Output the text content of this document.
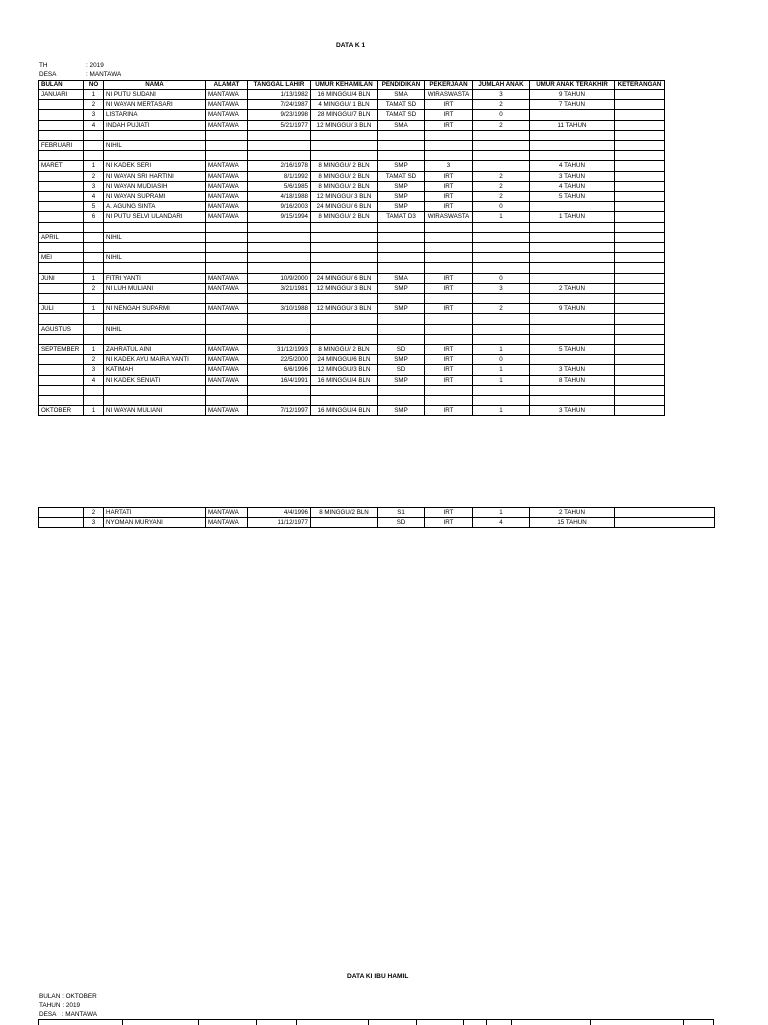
DATA K 1
TH	: 2019
DESA	: MANTAWA
BULAN	NO	NAMA	ALAMAT	TANGGAL LAHIR	UMUR KEHAMILAN	PENDIDIKAN	PEKERJAAN	JUMLAH ANAK	UMUR ANAK TERAKHIR	KETERANGAN
JANUARI	1	NI PUTU SUDANI	MANTAWA	1/13/1982	16 MINGGU/4 BLN	SMA	WIRASWASTA	3	9 TAHUN	
	2	NI WAYAN MERTASARI	MANTAWA	7/24/1987	4 MINGGU/ 1 BLN	TAMAT SD	IRT	2	7 TAHUN	
	3	LISTARINA	MANTAWA	9/23/1998	28 MINGGU/7 BLN	TAMAT SD	IRT	0		
	4	INDAH PUJIATI	MANTAWA	5/21/1977	12 MINGGU/ 3 BLN	SMA	IRT	2	11 TAHUN	

FEBRUARI		NIHIL								

MARET	1	NI KADEK SERI	MANTAWA	2/16/1978	8 MINGGU/ 2 BLN	SMP	3		4 TAHUN	
	2	NI WAYAN SRI HARTINI	MANTAWA	8/1/1992	8 MINGGU/ 2 BLN	TAMAT SD	IRT	2	3 TAHUN	
	3	NI WAYAN MUDIASIH	MANTAWA	5/6/1985	8 MINGGU/ 2 BLN	SMP	IRT	2	4 TAHUN	
	4	NI WAYAN SUPRAMI	MANTAWA	4/18/1988	12 MINGGU/ 3 BLN	SMP	IRT	2	5 TAHUN	
	5	A. AGUNG SINTA	MANTAWA	9/16/2003	24 MINGGU/ 6 BLN	SMP	IRT	0		
	6	NI PUTU SELVI ULANDARI	MANTAWA	9/15/1994	8 MINGGU/ 2 BLN	TAMAT D3	WIRASWASTA	1	1 TAHUN	

APRIL		NIHIL								

MEI		NIHIL								

JUNI	1	FITRI YANTI	MANTAWA	10/9/2000	24 MINGGU/ 6 BLN	SMA	IRT	0		
	2	NI LUH MULIANI	MANTAWA	3/21/1981	12 MINGGU/ 3 BLN	SMP	IRT	3	2 TAHUN	

JULI	1	NI NENGAH SUPARMI	MANTAWA	3/10/1988	12 MINGGU/ 3 BLN	SMP	IRT	2	9 TAHUN	

AGUSTUS		NIHIL								

SEPTEMBER	1	ZAHRATUL AINI	MANTAWA	31/12/1993	8 MINGGU/ 2 BLN	SD	IRT	1	5 TAHUN	
	2	NI KADEK AYU MAIRA YANTI	MANTAWA	22/5/2000	24 MINGGU/6 BLN	SMP	IRT	0		
	3	KATIMAH	MANTAWA	6/6/1996	12 MINGGU/3 BLN	SD	IRT	1	3 TAHUN	
	4	NI KADEK SENIATI	MANTAWA	16/4/1991	16 MINGGU/4 BLN	SMP	IRT	1	8 TAHUN	

OKTOBER	1	NI WAYAN MULIANI	MANTAWA	7/12/1997	16 MINGGU/4 BLN	SMP	IRT	1	3 TAHUN	
	2	HARTATI	MANTAWA	4/4/1996	8 MINGGU/2 BLN	S1	IRT	1	2 TAHUN	
	3	NYOMAN MURYANI	MANTAWA	11/12/1977		SD	IRT	4	15 TAHUN	
DATA KI IBU HAMIL
BULAN : OKTOBER
TAHUN : 2019
DESA : MANTAWA
